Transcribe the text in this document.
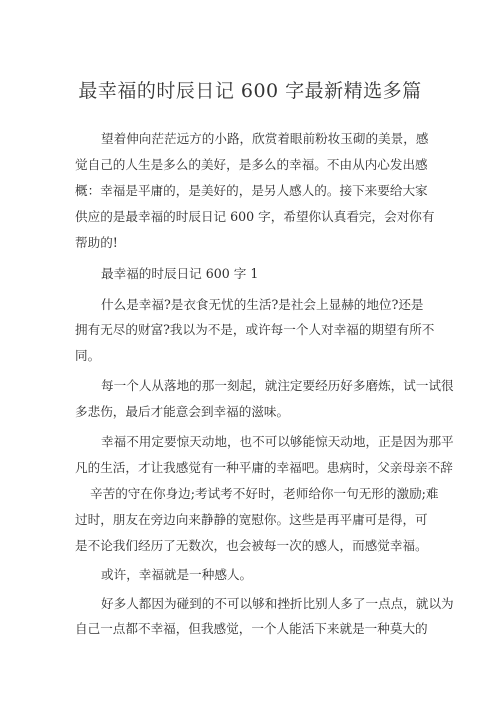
最幸福的时辰日记 600 字最新精选多篇
望着伸向茫茫远方的小路，欣赏着眼前粉妆玉砌的美景，感
觉自己的人生是多么的美好，是多么的幸福。不由从内心发出感
概：幸福是平庸的，是美好的，是另人感人的。接下来要给大家
供应的是最幸福的时辰日记 600 字，希望你认真看完，会对你有
帮助的!
最幸福的时辰日记 600 字 1
什么是幸福?是衣食无忧的生活?是社会上显赫的地位?还是
拥有无尽的财富?我以为不是，或许每一个人对幸福的期望有所不
同。
每一个人从落地的那一刻起，就注定要经历好多磨炼，试一试很
多悲伤，最后才能意会到幸福的滋味。
幸福不用定要惊天动地，也不可以够能惊天动地，正是因为那平
凡的生活，才让我感觉有一种平庸的幸福吧。患病时，父亲母亲不辞
辛苦的守在你身边;考试考不好时，老师给你一句无形的激励;难
过时，朋友在旁边向来静静的宽慰你。这些是再平庸可是得，可
是不论我们经历了无数次，也会被每一次的感人，而感觉幸福。
或许，幸福就是一种感人。
好多人都因为碰到的不可以够和挫折比别人多了一点点，就以为
自己一点都不幸福，但我感觉，一个人能活下来就是一种莫大的
